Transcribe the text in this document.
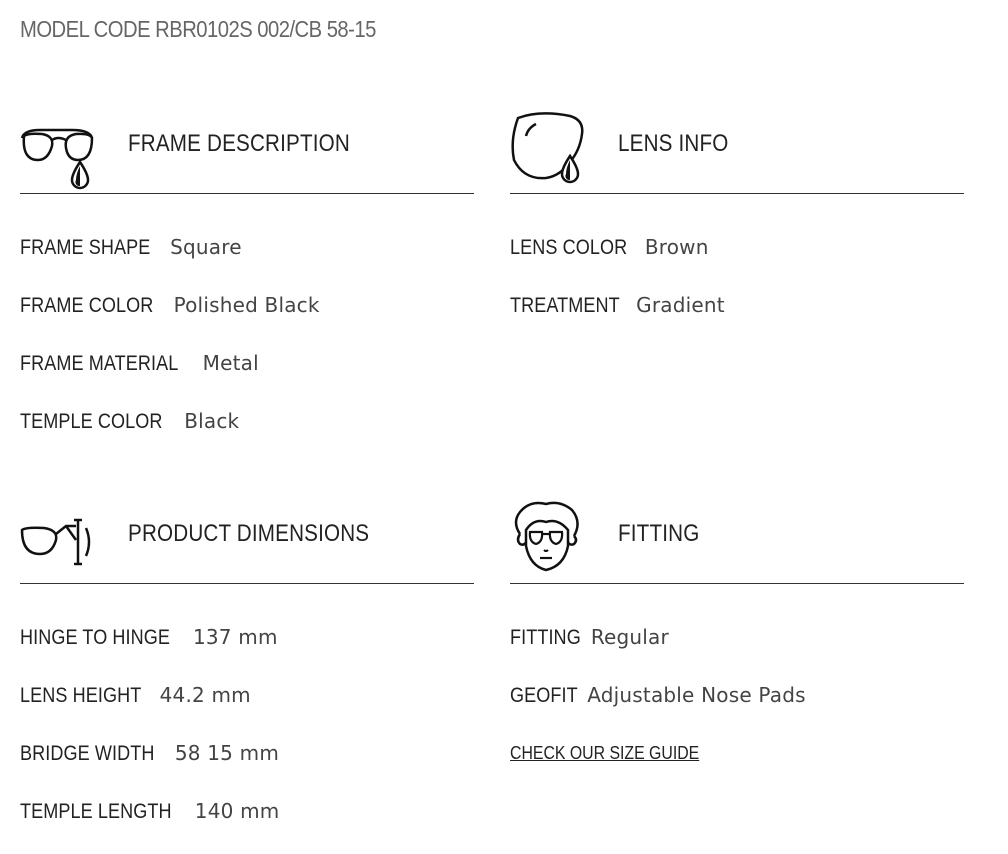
MODEL CODE RBR0102S 002/CB 58-15
FRAME DESCRIPTION
FRAME SHAPE Square
FRAME COLOR Polished Black
FRAME MATERIAL Metal
TEMPLE COLOR Black
LENS INFO
LENS COLOR Brown
TREATMENT Gradient
PRODUCT DIMENSIONS
HINGE TO HINGE 137 mm
LENS HEIGHT 44.2 mm
BRIDGE WIDTH 58 15 mm
TEMPLE LENGTH 140 mm
FITTING
FITTING Regular
GEOFIT Adjustable Nose Pads
CHECK OUR SIZE GUIDE
